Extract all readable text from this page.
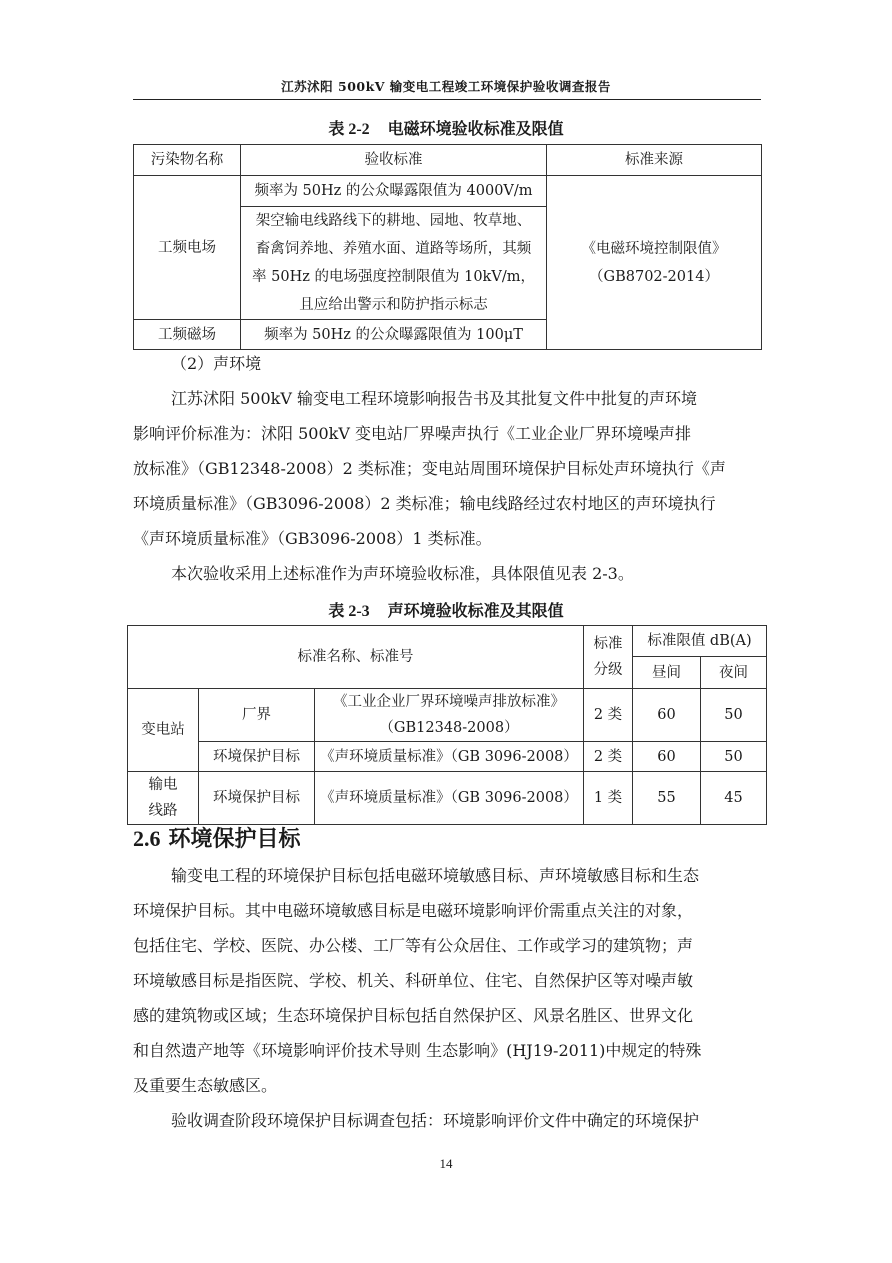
江苏沭阳 500kV 输变电工程竣工环境保护验收调查报告
表 2-2 电磁环境验收标准及限值
污染物名称	验收标准	标准来源
工频电场	频率为 50Hz 的公众曝露限值为 4000V/m	《电磁环境控制限值》
（GB8702-2014）

	架空输电线路线下的耕地、园地、牧草地、
畜禽饲养地、养殖水面、道路等场所，其频
率 50Hz 的电场强度控制限值为 10kV/m，
且应给出警示和防护指示标志	

工频磁场	频率为 50Hz 的公众曝露限值为 100μT	
（2）声环境
江苏沭阳 500kV 输变电工程环境影响报告书及其批复文件中批复的声环境
影响评价标准为：沭阳 500kV 变电站厂界噪声执行《工业企业厂界环境噪声排
放标准》（GB12348-2008）2 类标准；变电站周围环境保护目标处声环境执行《声
环境质量标准》（GB3096-2008）2 类标准；输电线路经过农村地区的声环境执行
《声环境质量标准》（GB3096-2008）1 类标准。
本次验收采用上述标准作为声环境验收标准，具体限值见表 2-3。
表 2-3 声环境验收标准及其限值
标准名称、标准号			标准
分级	标准限值 dB(A)	
				昼间	夜间
变电站	厂界	《工业企业厂界环境噪声排放标准》
（GB12348-2008）	2 类	60	50
	环境保护目标	《声环境质量标准》（GB 3096-2008）	2 类	60	50

输电
线路	环境保护目标	《声环境质量标准》（GB 3096-2008）	1 类	55	45
2.6 环境保护目标
输变电工程的环境保护目标包括电磁环境敏感目标、声环境敏感目标和生态
环境保护目标。其中电磁环境敏感目标是电磁环境影响评价需重点关注的对象，
包括住宅、学校、医院、办公楼、工厂等有公众居住、工作或学习的建筑物；声
环境敏感目标是指医院、学校、机关、科研单位、住宅、自然保护区等对噪声敏
感的建筑物或区域；生态环境保护目标包括自然保护区、风景名胜区、世界文化
和自然遗产地等《环境影响评价技术导则 生态影响》(HJ19-2011)中规定的特殊
及重要生态敏感区。
验收调查阶段环境保护目标调查包括：环境影响评价文件中确定的环境保护
14
